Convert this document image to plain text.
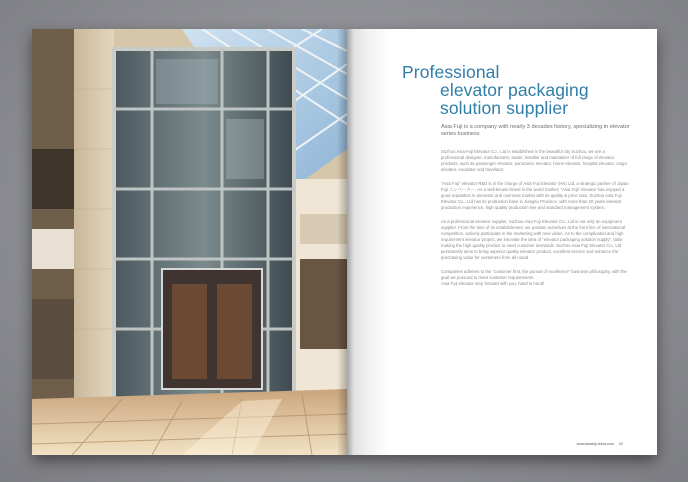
Professional
elevator packaging
solution supplier
Asia Fuji is a company with nearly 3 decades history, specializing in elevator series business

Suzhou Asia Fuji Elevator Co., Ltd is established in the beautiful city Suzhou, we are a professional designer, manufacturer, trader, installer and maintainer of full range of elevator products, such as passenger elevator, panoramic elevator, home elevator, hospital elevator, cargo elevator, escalator and travelator.

"Asia Fuji" elevator R&D is in the charge of Asia Fuji Elevator (HK) Ltd, a strategic partner of Japan Fuji エレベーター. As a well-known brand in the world market, "Asia Fuji" elevator has enjoyed a good reputation in domestic and overseas market with its quality & price ratio. Suzhou Asia Fuji Elevator Co., Ltd has its production base in Jiangsu Province, with more than 20 years elevator production experience, high quality production line and standard management system.

As a professional elevator supplier, Suzhou Asia Fuji Elevator Co., Ltd is not only an equipment supplier. From the time of its establishment, we position ourselves at the front line of international competition, actively participate in the marketing with new vision. As to the complicated and high requirement elevator project, we innovate the idea of "elevator packaging solution supply", tailor making the high quality product to meet customer demands. Suzhou Asia Fuji Elevator Co., Ltd persistently aims to bring superior quality elevator product, excellent service and enhance the purchasing value for customers from all round.

Companies adheres to the "customer first, the pursuit of excellence" business philosophy, with the goal we pursued to meet customer requirements.
Asia Fuji elevator step forward with you, hand in hand!

www.asiafuji-china.com 02
